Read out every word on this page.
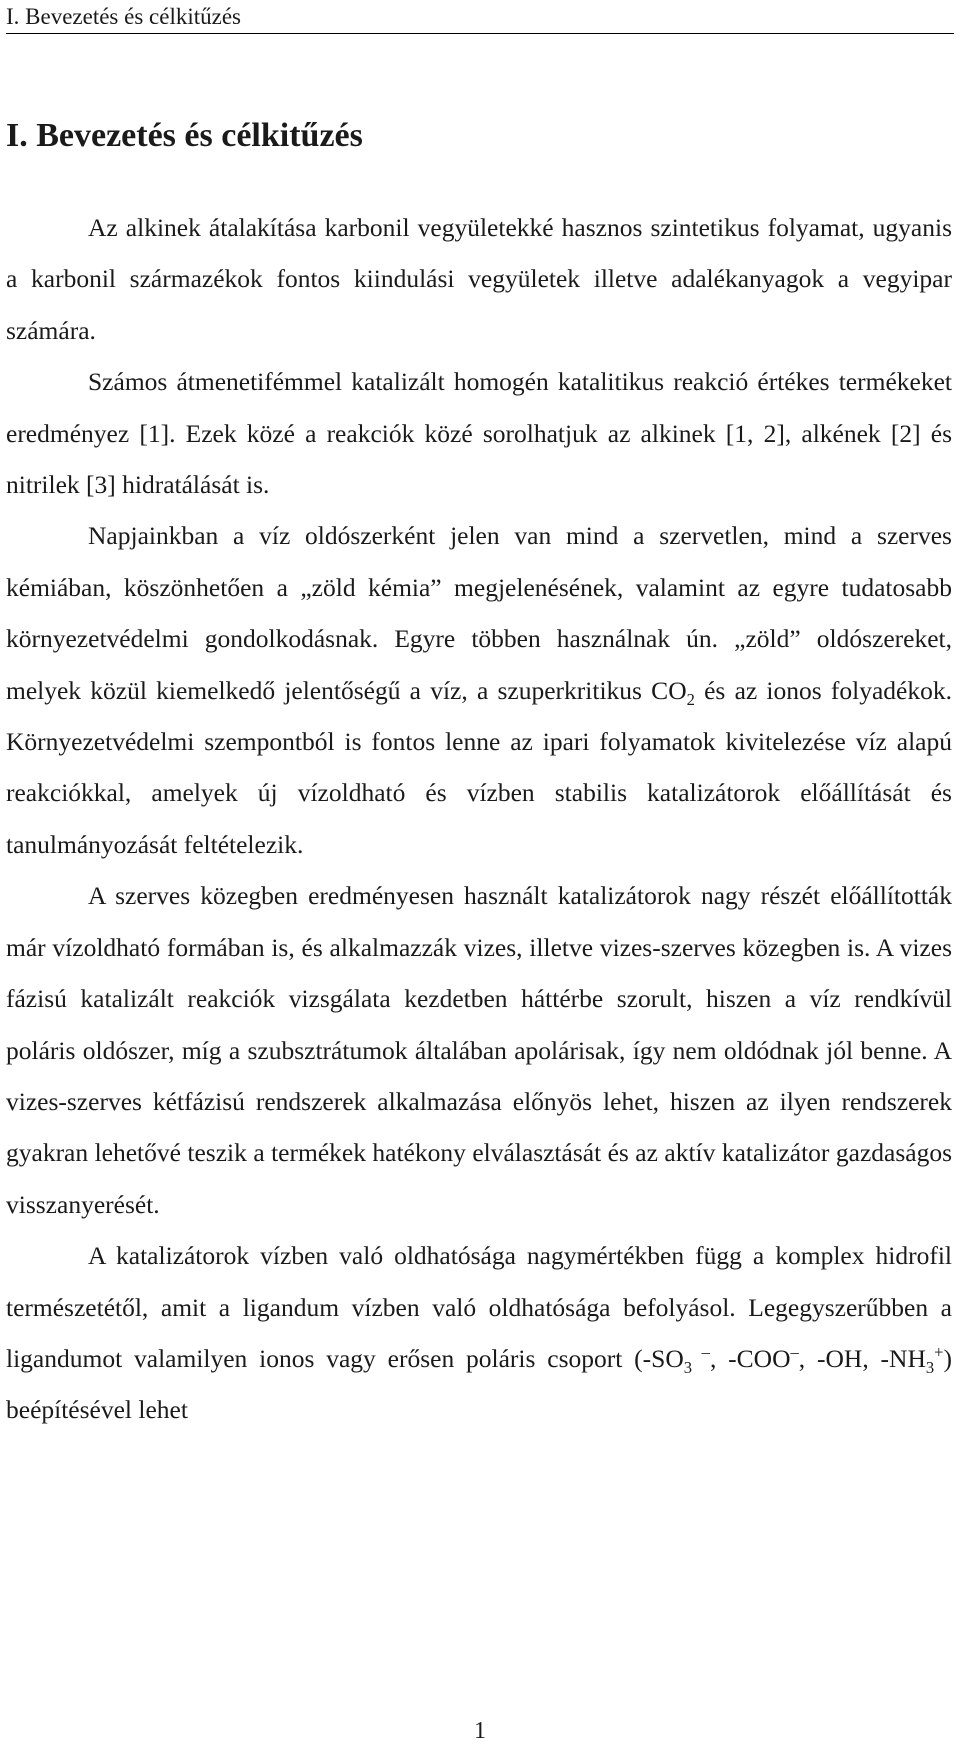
I. Bevezetés és célkitűzés
I. Bevezetés és célkitűzés

Az alkinek átalakítása karbonil vegyületekké hasznos szintetikus folyamat, ugyanis a karbonil származékok fontos kiindulási vegyületek illetve adalékanyagok a vegyipar számára.

Számos átmenetifémmel katalizált homogén katalitikus reakció értékes termékeket eredményez [1]. Ezek közé a reakciók közé sorolhatjuk az alkinek [1, 2], alkének [2] és nitrilek [3] hidratálását is.

Napjainkban a víz oldószerként jelen van mind a szervetlen, mind a szerves kémiában, köszönhetően a „zöld kémia” megjelenésének, valamint az egyre tudatosabb környezetvédelmi gondolkodásnak. Egyre többen használnak ún. „zöld” oldószereket, melyek közül kiemelkedő jelentőségű a víz, a szuperkritikus $CO_2$ és az ionos folyadékok. Környezetvédelmi szempontból is fontos lenne az ipari folyamatok kivitelezése víz alapú reakciókkal, amelyek új vízoldható és vízben stabilis katalizátorok előállítását és tanulmányozását feltételezik.

A szerves közegben eredményesen használt katalizátorok nagy részét előállították már vízoldható formában is, és alkalmazzák vizes, illetve vizes-szerves közegben is. A vizes fázisú katalizált reakciók vizsgálata kezdetben háttérbe szorult, hiszen a víz rendkívül poláris oldószer, míg a szubsztrátumok általában apolárisak, így nem oldódnak jól benne. A vizes-szerves kétfázisú rendszerek alkalmazása előnyös lehet, hiszen az ilyen rendszerek gyakran lehetővé teszik a termékek hatékony elválasztását és az aktív katalizátor gazdaságos visszanyerését.

A katalizátorok vízben való oldhatósága nagymértékben függ a komplex hidrofil természetétől, amit a ligandum vízben való oldhatósága befolyásol. Legegyszerűbben a ligandumot valamilyen ionos vagy erősen poláris csoport ($-SO_3$ –, -COO–, -OH, $-NH_3^+$) beépítésével lehet

1
